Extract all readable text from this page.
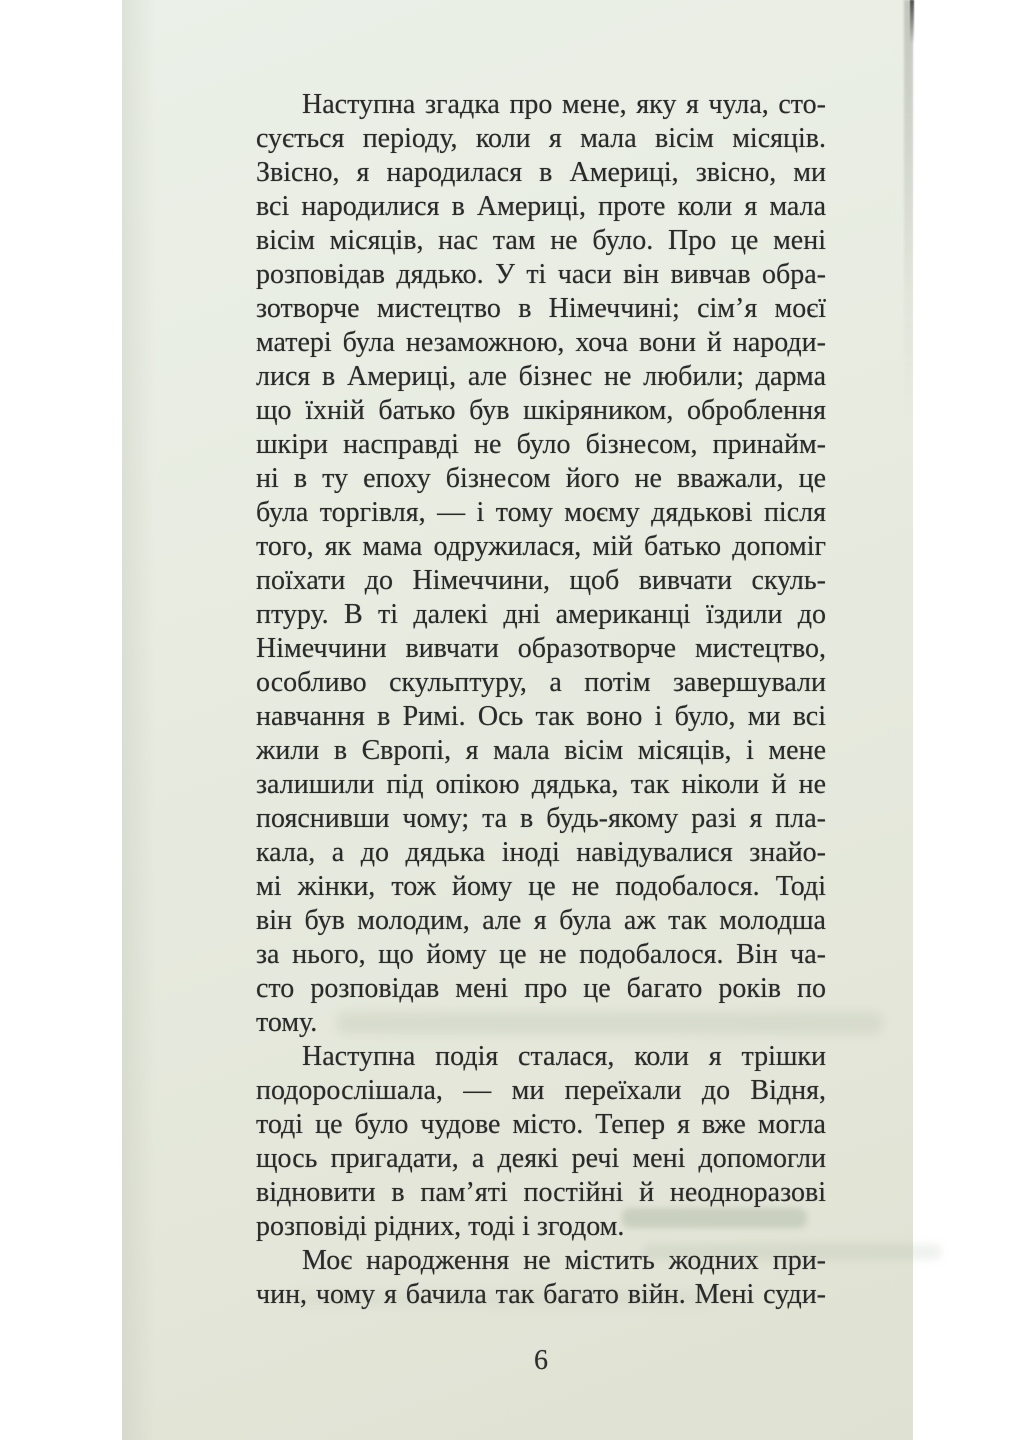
Наступна згадка про мене, яку я чула, сто-
сується періоду, коли я мала вісім місяців.
Звісно, я народилася в Америці, звісно, ми
всі народилися в Америці, проте коли я мала
вісім місяців, нас там не було. Про це мені
розповідав дядько. У ті часи він вивчав обра-
зотворче мистецтво в Німеччині; сім’я моєї
матері була незаможною, хоча вони й народи-
лися в Америці, але бізнес не любили; дарма
що їхній батько був шкіряником, оброблення
шкіри насправді не було бізнесом, принайм-
ні в ту епоху бізнесом його не вважали, це
була торгівля, — і тому моєму дядькові після
того, як мама одружилася, мій батько допоміг
поїхати до Німеччини, щоб вивчати скуль-
птуру. В ті далекі дні американці їздили до
Німеччини вивчати образотворче мистецтво,
особливо скульптуру, а потім завершували
навчання в Римі. Ось так воно і було, ми всі
жили в Європі, я мала вісім місяців, і мене
залишили під опікою дядька, так ніколи й не
пояснивши чому; та в будь-якому разі я пла-
кала, а до дядька іноді навідувалися знайо-
мі жінки, тож йому це не подобалося. Тоді
він був молодим, але я була аж так молодша
за нього, що йому це не подобалося. Він ча-
сто розповідав мені про це багато років по
тому.
Наступна подія сталася, коли я трішки
подорослішала, — ми переїхали до Відня,
тоді це було чудове місто. Тепер я вже могла
щось пригадати, а деякі речі мені допомогли
відновити в пам’яті постійні й неодноразові
розповіді рідних, тоді і згодом.
Моє народження не містить жодних при-
чин, чому я бачила так багато війн. Мені суди-
6
